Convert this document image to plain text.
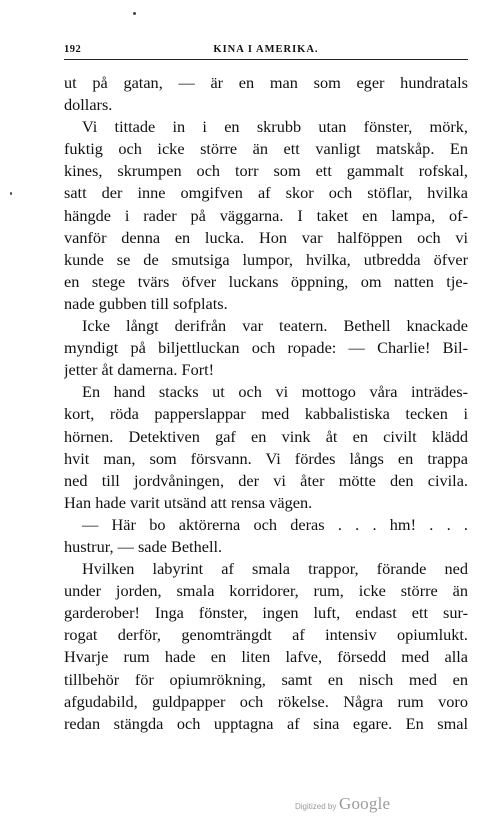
192	KINA I AMERIKA.
ut på gatan, — är en man som eger hundratals
dollars.
Vi tittade in i en skrubb utan fönster, mörk,
fuktig och icke större än ett vanligt matskåp. En
kines, skrumpen och torr som ett gammalt rofskal,
satt der inne omgifven af skor och stöflar, hvilka
hängde i rader på väggarna. I taket en lampa, of-
vanför denna en lucka. Hon var halföppen och vi
kunde se de smutsiga lumpor, hvilka, utbredda öfver
en stege tvärs öfver luckans öppning, om natten tje-
nade gubben till sofplats.
Icke långt derifrån var teatern. Bethell knackade
myndigt på biljettluckan och ropade: — Charlie! Bil-
jetter åt damerna. Fort!
En hand stacks ut och vi mottogo våra inträdes-
kort, röda papperslappar med kabbalistiska tecken i
hörnen. Detektiven gaf en vink åt en civilt klädd
hvit man, som försvann. Vi fördes långs en trappa
ned till jordvåningen, der vi åter mötte den civila.
Han hade varit utsänd att rensa vägen.
— Här bo aktörerna och deras . . . hm! . . .
hustrur, — sade Bethell.
Hvilken labyrint af smala trappor, förande ned
under jorden, smala korridorer, rum, icke större än
garderober! Inga fönster, ingen luft, endast ett sur-
rogat derför, genomträngdt af intensiv opiumlukt.
Hvarje rum hade en liten lafve, försedd med alla
tillbehör för opiumrökning, samt en nisch med en
afgudabild, guldpapper och rökelse. Några rum voro
redan stängda och upptagna af sina egare. En smal
Digitized by Google
